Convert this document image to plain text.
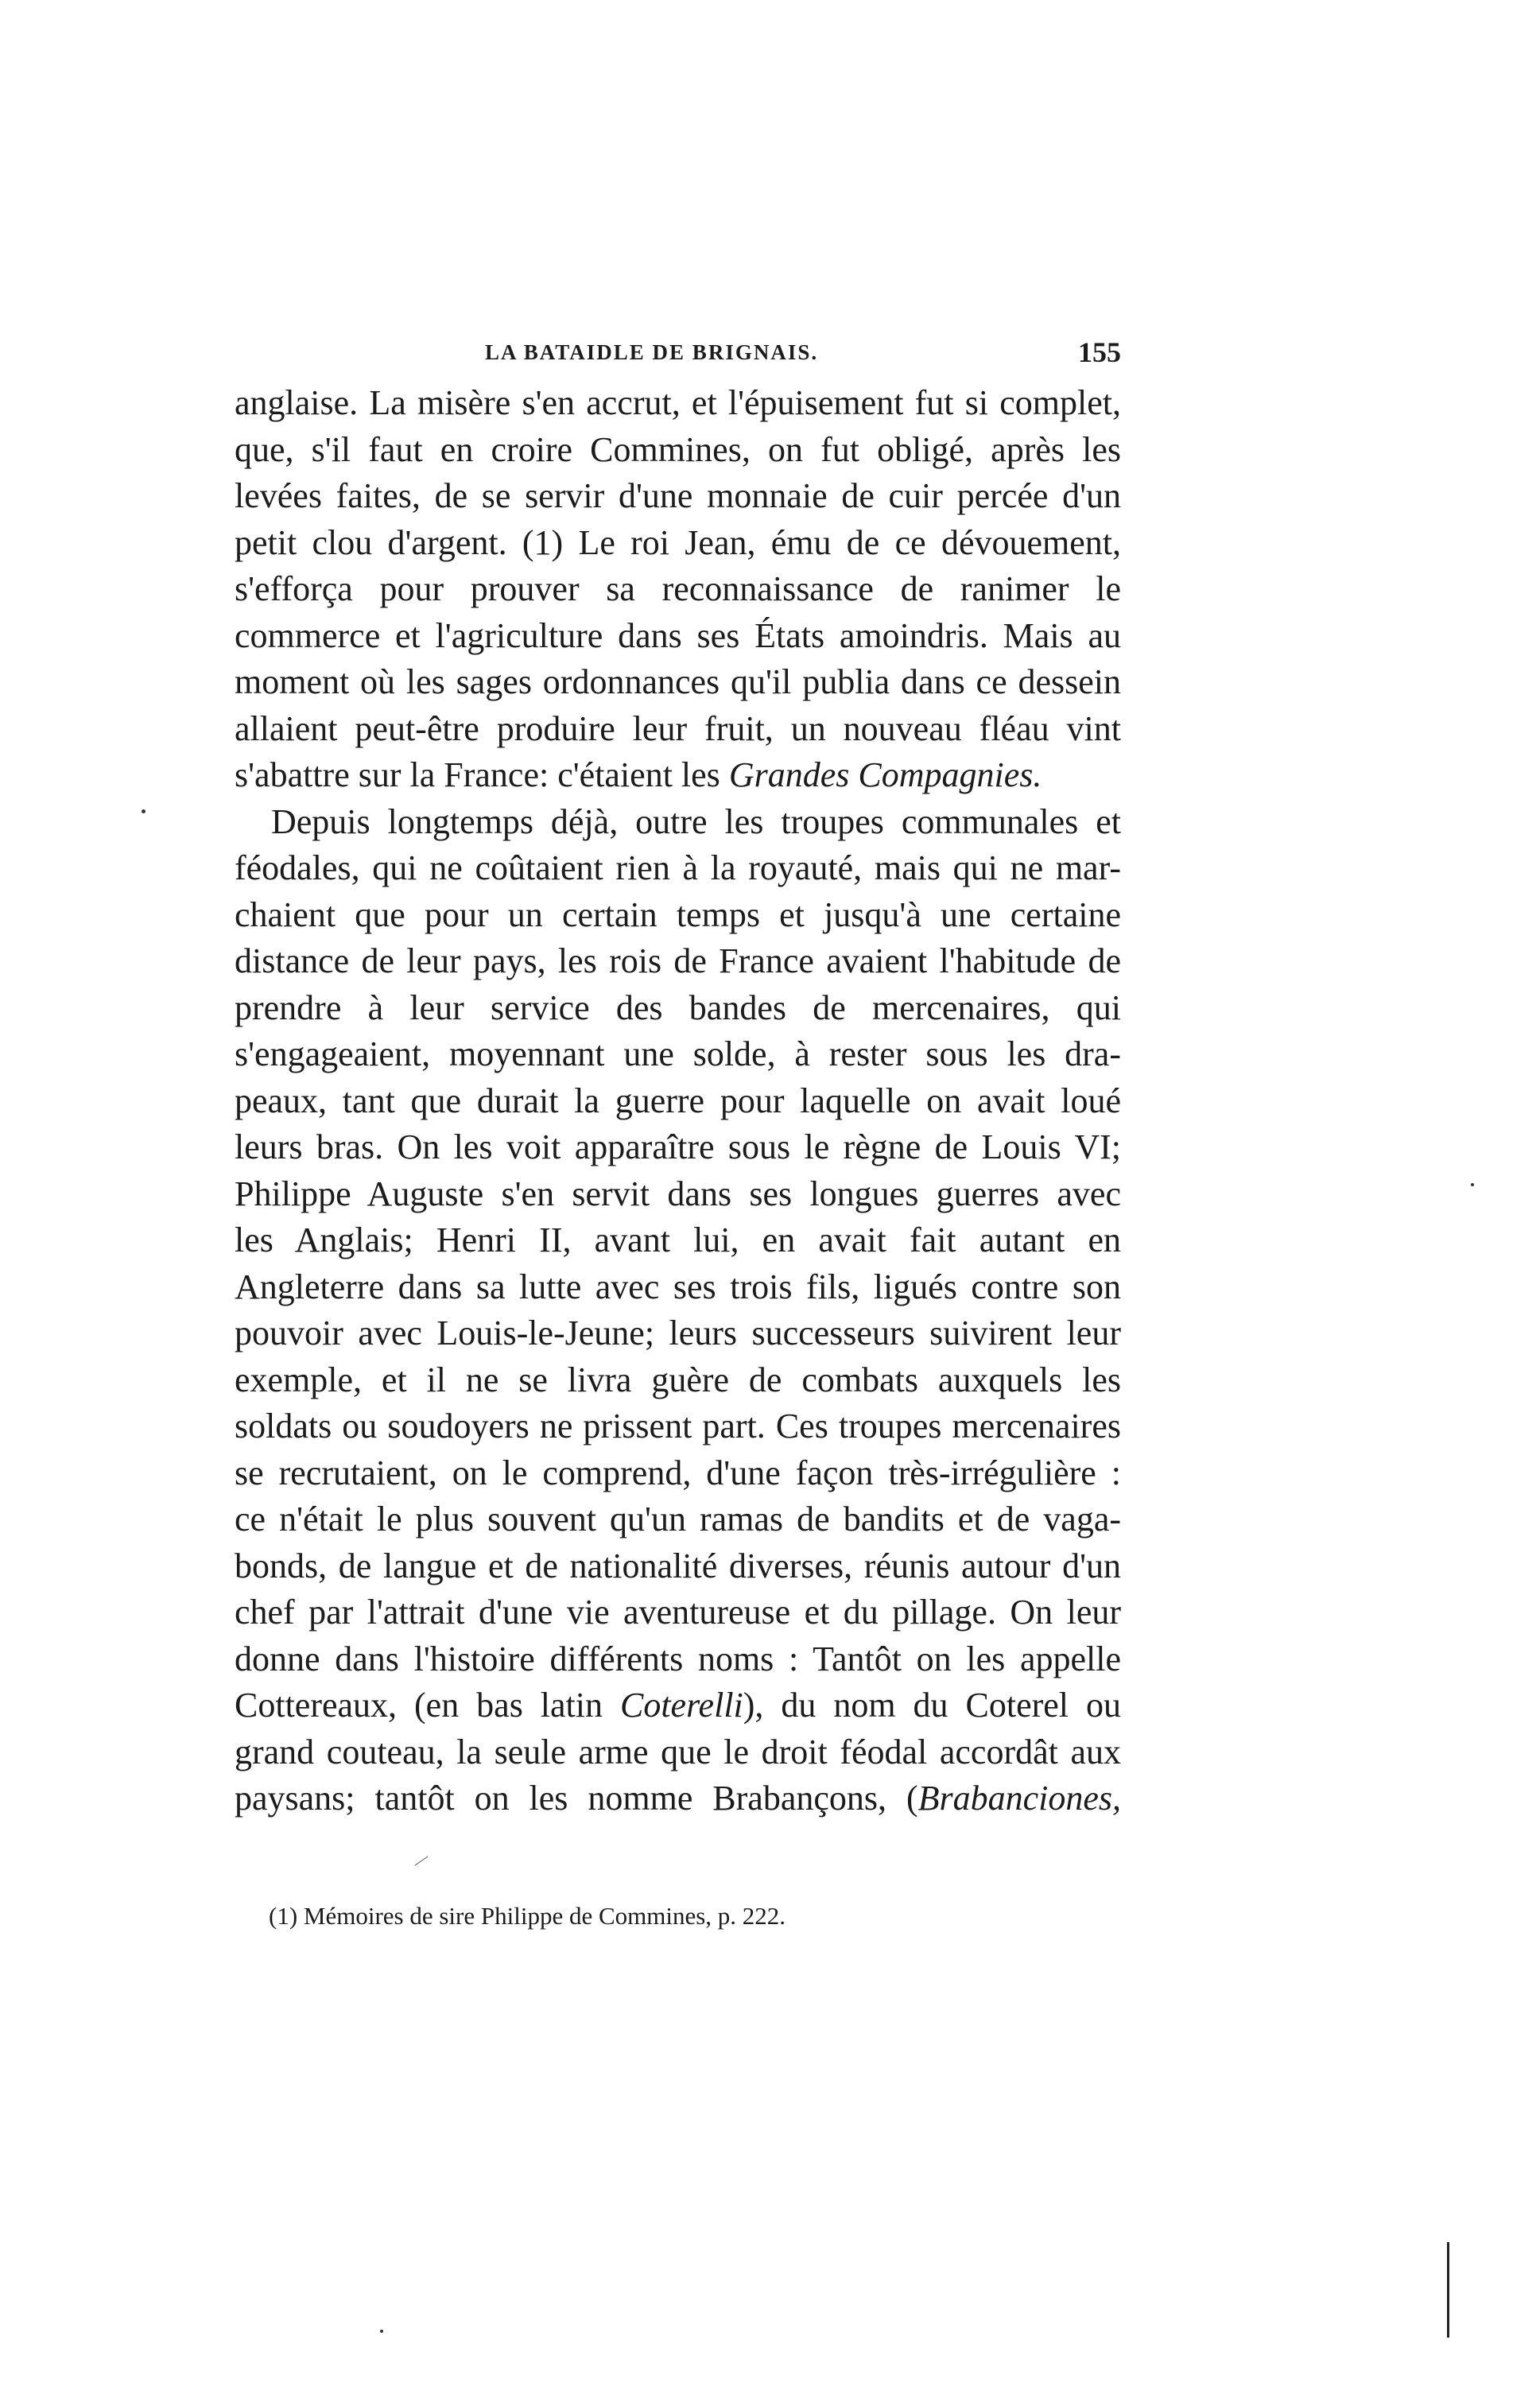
LA BATAIDLE DE BRIGNAIS.	155
anglaise. La misère s'en accrut, et l'épuisement fut si complet,
que, s'il faut en croire Commines, on fut obligé, après les
levées faites, de se servir d'une monnaie de cuir percée d'un
petit clou d'argent. (1) Le roi Jean, ému de ce dévouement,
s'efforça pour prouver sa reconnaissance de ranimer le
commerce et l'agriculture dans ses États amoindris. Mais au
moment où les sages ordonnances qu'il publia dans ce dessein
allaient peut-être produire leur fruit, un nouveau fléau vint
s'abattre sur la France: c'étaient les Grandes Compagnies.
Depuis longtemps déjà, outre les troupes communales et
féodales, qui ne coûtaient rien à la royauté, mais qui ne mar-
chaient que pour un certain temps et jusqu'à une certaine
distance de leur pays, les rois de France avaient l'habitude de
prendre à leur service des bandes de mercenaires, qui
s'engageaient, moyennant une solde, à rester sous les dra-
peaux, tant que durait la guerre pour laquelle on avait loué
leurs bras. On les voit apparaître sous le règne de Louis VI;
Philippe Auguste s'en servit dans ses longues guerres avec
les Anglais; Henri II, avant lui, en avait fait autant en
Angleterre dans sa lutte avec ses trois fils, ligués contre son
pouvoir avec Louis-le-Jeune; leurs successeurs suivirent leur
exemple, et il ne se livra guère de combats auxquels les
soldats ou soudoyers ne prissent part. Ces troupes mercenaires
se recrutaient, on le comprend, d'une façon très-irrégulière :
ce n'était le plus souvent qu'un ramas de bandits et de vaga-
bonds, de langue et de nationalité diverses, réunis autour d'un
chef par l'attrait d'une vie aventureuse et du pillage. On leur
donne dans l'histoire différents noms : Tantôt on les appelle
Cottereaux, (en bas latin Coterelli), du nom du Coterel ou
grand couteau, la seule arme que le droit féodal accordât aux
paysans; tantôt on les nomme Brabançons, (Brabanciones,
(1) Mémoires de sire Philippe de Commines, p. 222.
